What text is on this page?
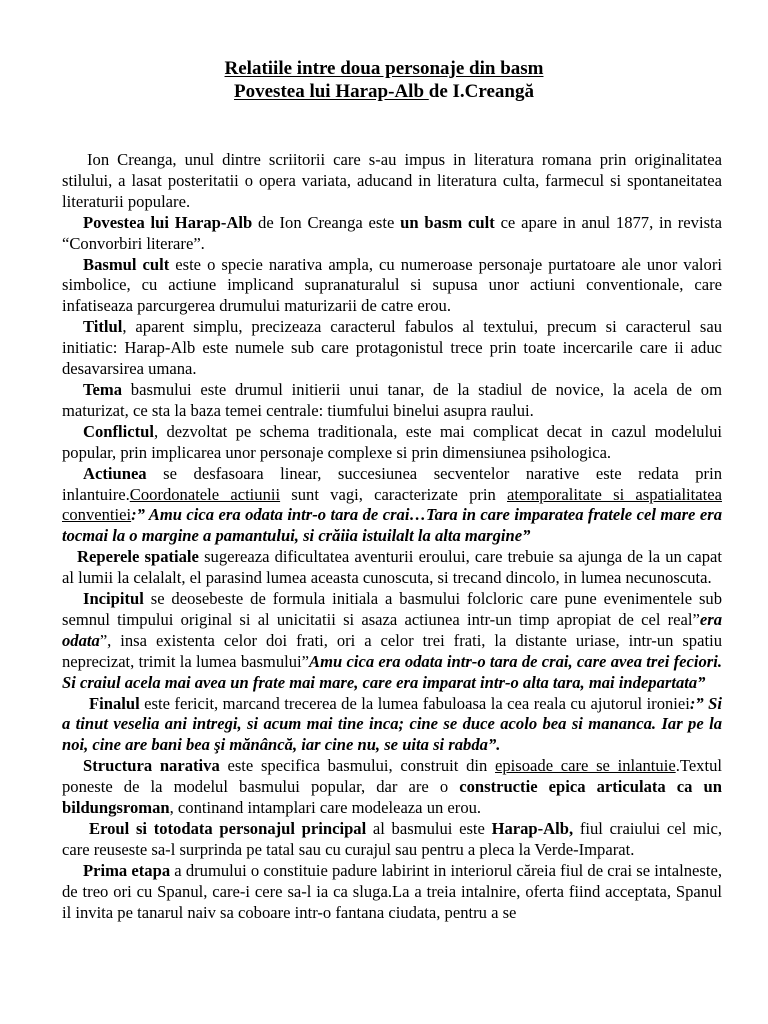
Relatiile intre doua personaje din basm
Povestea lui Harap-Alb de I.Creangă

Ion Creanga, unul dintre scriitorii care s-au impus in literatura romana prin originalitatea stilului, a lasat posteritatii o opera variata, aducand in literatura culta, farmecul si spontaneitatea literaturii populare.

Povestea lui Harap-Alb de Ion Creanga este un basm cult ce apare in anul 1877, in revista “Convorbiri literare”.

Basmul cult este o specie narativa ampla, cu numeroase personaje purtatoare ale unor valori simbolice, cu actiune implicand supranaturalul si supusa unor actiuni conventionale, care infatiseaza parcurgerea drumului maturizarii de catre erou.

Titlul, aparent simplu, precizeaza caracterul fabulos al textului, precum si caracterul sau initiatic: Harap-Alb este numele sub care protagonistul trece prin toate incercarile care ii aduc desavarsirea umana.

Tema basmului este drumul initierii unui tanar, de la stadiul de novice, la acela de om maturizat, ce sta la baza temei centrale: tiumfului binelui asupra raului.

Conflictul, dezvoltat pe schema traditionala, este mai complicat decat in cazul modelului popular, prin implicarea unor personaje complexe si prin dimensiunea psihologica.

Actiunea se desfasoara linear, succesiunea secventelor narative este redata prin inlantuire.Coordonatele actiunii sunt vagi, caracterizate prin atemporalitate si aspatialitatea conventiei:” Amu cica era odata intr-o tara de crai…Tara in care imparatea fratele cel mare era tocmai la o margine a pamantului, si crăiia istuilalt la alta margine”

Reperele spatiale sugereaza dificultatea aventurii eroului, care trebuie sa ajunga de la un capat al lumii la celalalt, el parasind lumea aceasta cunoscuta, si trecand dincolo, in lumea necunoscuta.

Incipitul se deosebeste de formula initiala a basmului folcloric care pune evenimentele sub semnul timpului original si al unicitatii si asaza actiunea intr-un timp apropiat de cel real”era odata”, insa existenta celor doi frati, ori a celor trei frati, la distante uriase, intr-un spatiu neprecizat, trimit la lumea basmului”Amu cica era odata intr-o tara de crai, care avea trei feciori. Si craiul acela mai avea un frate mai mare, care era imparat intr-o alta tara, mai indepartata”

Finalul este fericit, marcand trecerea de la lumea fabuloasa la cea reala cu ajutorul ironiei:” Si a tinut veselia ani intregi, si acum mai tine inca; cine se duce acolo bea si mananca. Iar pe la noi, cine are bani bea şi mănâncă, iar cine nu, se uita si rabda”.

Structura narativa este specifica basmului, construit din episoade care se inlantuie.Textul poneste de la modelul basmului popular, dar are o constructie epica articulata ca un bildungsroman, continand intamplari care modeleaza un erou.

Eroul si totodata personajul principal al basmului este Harap-Alb, fiul craiului cel mic, care reuseste sa-l surprinda pe tatal sau cu curajul sau pentru a pleca la Verde-Imparat.

Prima etapa a drumului o constituie padure labirint in interiorul căreia fiul de crai se intalneste, de treo ori cu Spanul, care-i cere sa-l ia ca sluga.La a treia intalnire, oferta fiind acceptata, Spanul il invita pe tanarul naiv sa coboare intr-o fantana ciudata, pentru a se
